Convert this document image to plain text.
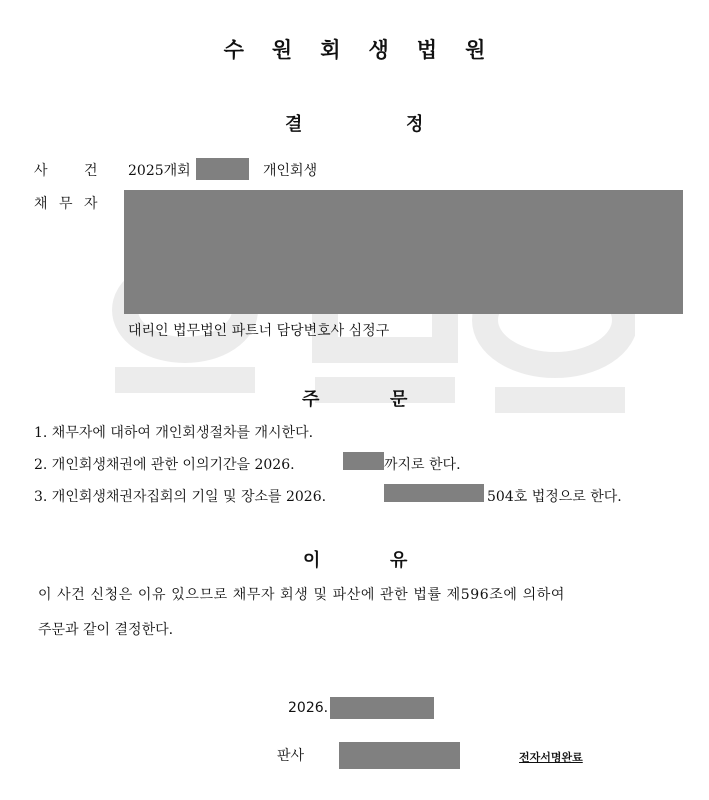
수원회생법원
결	정
사	건 2025개회	개인회생
채 무 자
대리인 법무법인 파트너 담당변호사 심정구
주	문
1. 채무자에 대하여 개인회생절차를 개시한다.
2. 개인회생채권에 관한 이의기간을 2026.	까지로 한다.
3. 개인회생채권자집회의 기일 및 장소를 2026.	504호 법정으로 한다.
이	유
이 사건 신청은 이유 있으므로 채무자 회생 및 파산에 관한 법률 제596조에 의하여
주문과 같이 결정한다.
2026.
판사	전자서명완료
